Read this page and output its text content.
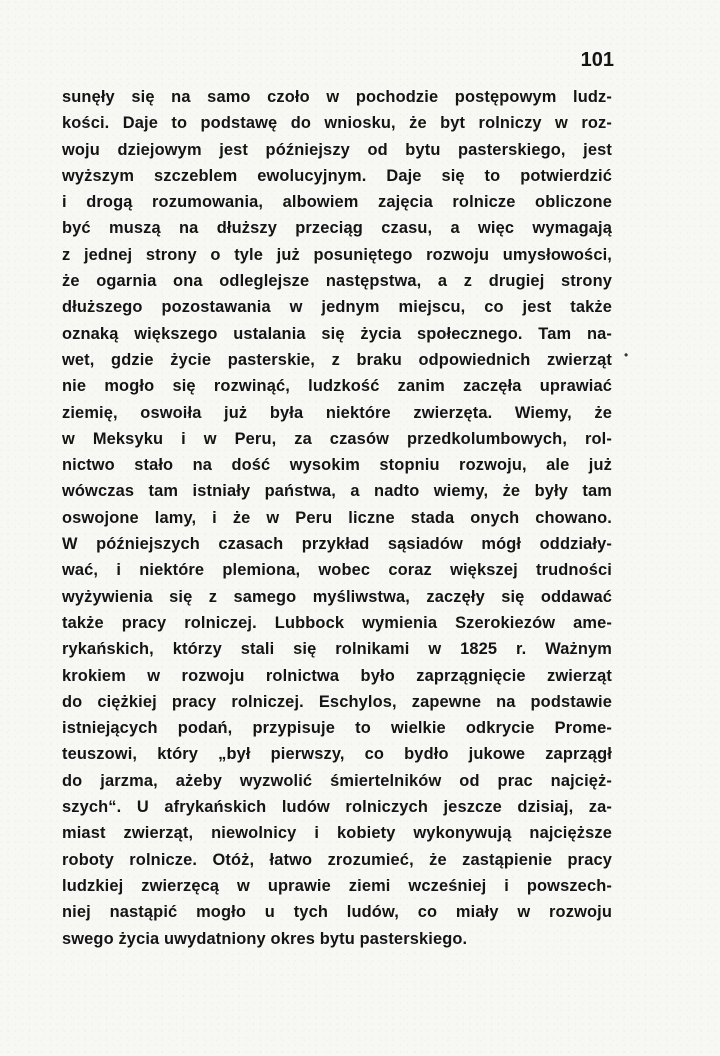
101
•
sunęły się na samo czoło w pochodzie postępowym ludz-
kości. Daje to podstawę do wniosku, że byt rolniczy w roz-
woju dziejowym jest późniejszy od bytu pasterskiego, jest
wyższym szczeblem ewolucyjnym. Daje się to potwierdzić
i drogą rozumowania, albowiem zajęcia rolnicze obliczone
być muszą na dłuższy przeciąg czasu, a więc wymagają
z jednej strony o tyle już posuniętego rozwoju umysłowości,
że ogarnia ona odleglejsze następstwa, a z drugiej strony
dłuższego pozostawania w jednym miejscu, co jest także
oznaką większego ustalania się życia społecznego. Tam na-
wet, gdzie życie pasterskie, z braku odpowiednich zwierząt
nie mogło się rozwinąć, ludzkość zanim zaczęła uprawiać
ziemię, oswoiła już była niektóre zwierzęta. Wiemy, że
w Meksyku i w Peru, za czasów przedkolumbowych, rol-
nictwo stało na dość wysokim stopniu rozwoju, ale już
wówczas tam istniały państwa, a nadto wiemy, że były tam
oswojone lamy, i że w Peru liczne stada onych chowano.
W późniejszych czasach przykład sąsiadów mógł oddziały-
wać, i niektóre plemiona, wobec coraz większej trudności
wyżywienia się z samego myśliwstwa, zaczęły się oddawać
także pracy rolniczej. Lubbock wymienia Szerokiezów ame-
rykańskich, którzy stali się rolnikami w 1825 r. Ważnym
krokiem w rozwoju rolnictwa było zaprzągnięcie zwierząt
do ciężkiej pracy rolniczej. Eschylos, zapewne na podstawie
istniejących podań, przypisuje to wielkie odkrycie Prome-
teuszowi, który „był pierwszy, co bydło jukowe zaprzągł
do jarzma, ażeby wyzwolić śmiertelników od prac najcięż-
szych“. U afrykańskich ludów rolniczych jeszcze dzisiaj, za-
miast zwierząt, niewolnicy i kobiety wykonywują najcięższe
roboty rolnicze. Otóż, łatwo zrozumieć, że zastąpienie pracy
ludzkiej zwierzęcą w uprawie ziemi wcześniej i powszech-
niej nastąpić mogło u tych ludów, co miały w rozwoju
swego życia uwydatniony okres bytu pasterskiego.
